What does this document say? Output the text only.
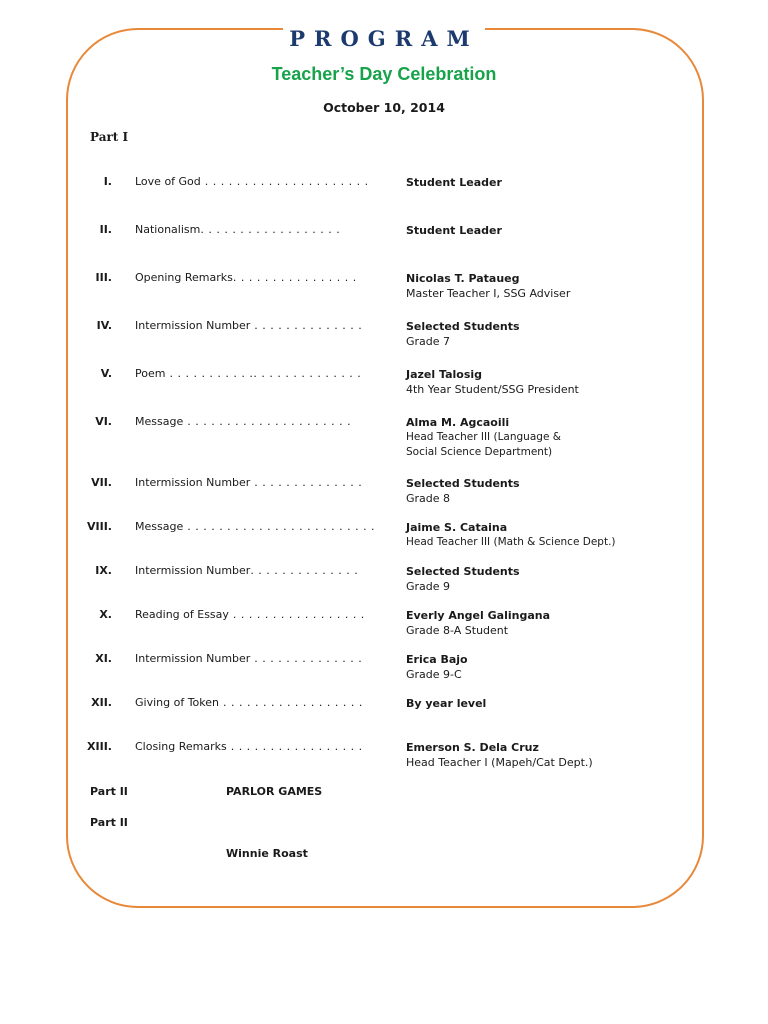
PROGRAM
Teacher’s Day Celebration
October 10, 2014
Part I
I. Love of God . . . . . . . . . . . . . . . . . . . . .	Student Leader
II. Nationalism. . . . . . . . . . . . . . . . . .	Student Leader
III. Opening Remarks. . . . . . . . . . . . . . . .	Nicolas T. Pataueg
Master Teacher I, SSG Adviser
IV. Intermission Number . . . . . . . . . . . . . .	Selected Students
Grade 7
V. Poem . . . . . . . . . . .. . . . . . . . . . . . . .	Jazel Talosig
4th Year Student/SSG President
VI. Message . . . . . . . . . . . . . . . . . . . . .	Alma M. Agcaoili
Head Teacher III (Language &
Social Science Department)
VII. Intermission Number . . . . . . . . . . . . . .	Selected Students
Grade 8
VIII. Message . . . . . . . . . . . . . . . . . . . . . . . .	Jaime S. Cataina
Head Teacher III (Math & Science Dept.)
IX. Intermission Number. . . . . . . . . . . . . .	Selected Students
Grade 9
X. Reading of Essay . . . . . . . . . . . . . . . . .	Everly Angel Galingana
Grade 8-A Student
XI. Intermission Number . . . . . . . . . . . . . .	Erica Bajo
Grade 9-C
XII. Giving of Token . . . . . . . . . . . . . . . . . .	By year level
XIII. Closing Remarks . . . . . . . . . . . . . . . . .	Emerson S. Dela Cruz
Head Teacher I (Mapeh/Cat Dept.)
Part II	PARLOR GAMES
Part II
Winnie Roast
